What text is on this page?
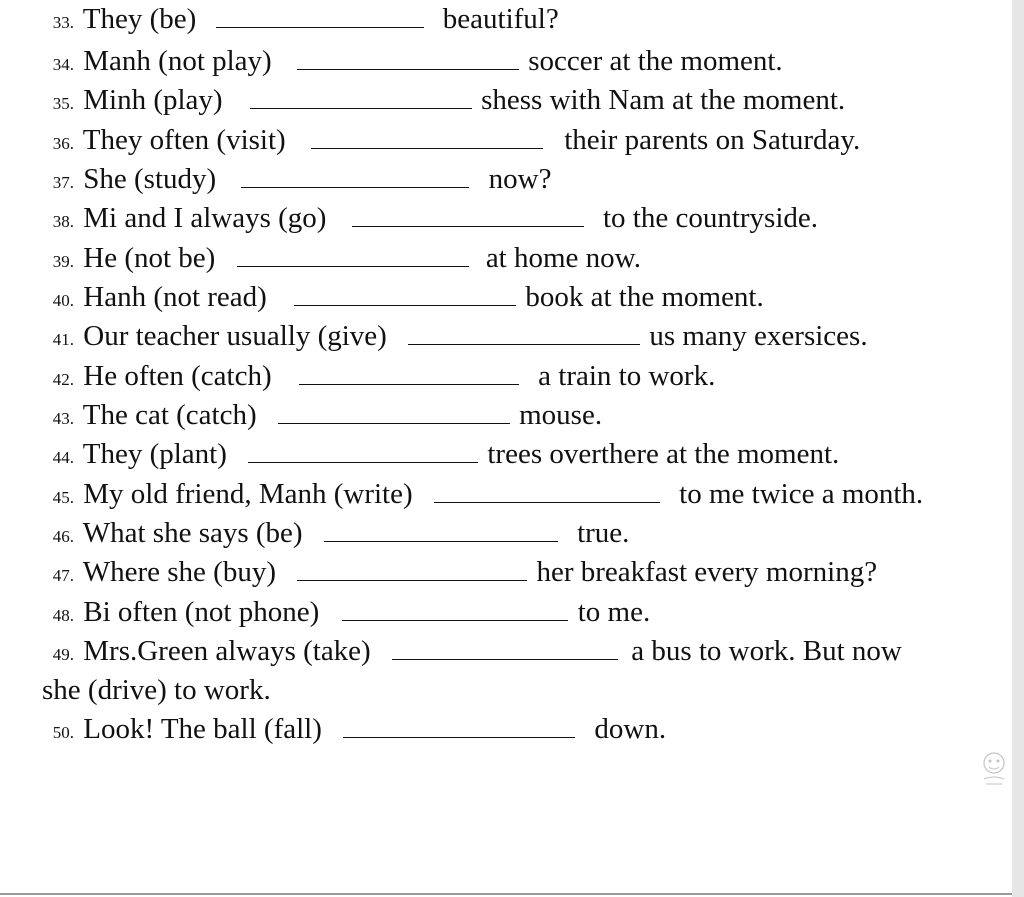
33. They (be)	beautiful?
34. Manh (not play)	soccer at the moment.
35. Minh (play)	shess with Nam at the moment.
36. They often (visit)	their parents on Saturday.
37. She (study)	now?
38. Mi and I always (go)	to the countryside.
39. He (not be)	at home now.
40. Hanh (not read)	book at the moment.
41. Our teacher usually (give)	us many exersices.
42. He often (catch)	a train to work.
43. The cat (catch)	mouse.
44. They (plant)	trees overthere at the moment.
45. My old friend, Manh (write)	to me twice a month.
46. What she says (be)	true.
47. Where she (buy)	her breakfast every morning?
48. Bi often (not phone)	to me.
49. Mrs.Green always (take)	a bus to work. But now
she (drive) to work.
50. Look! The ball (fall)	down.
